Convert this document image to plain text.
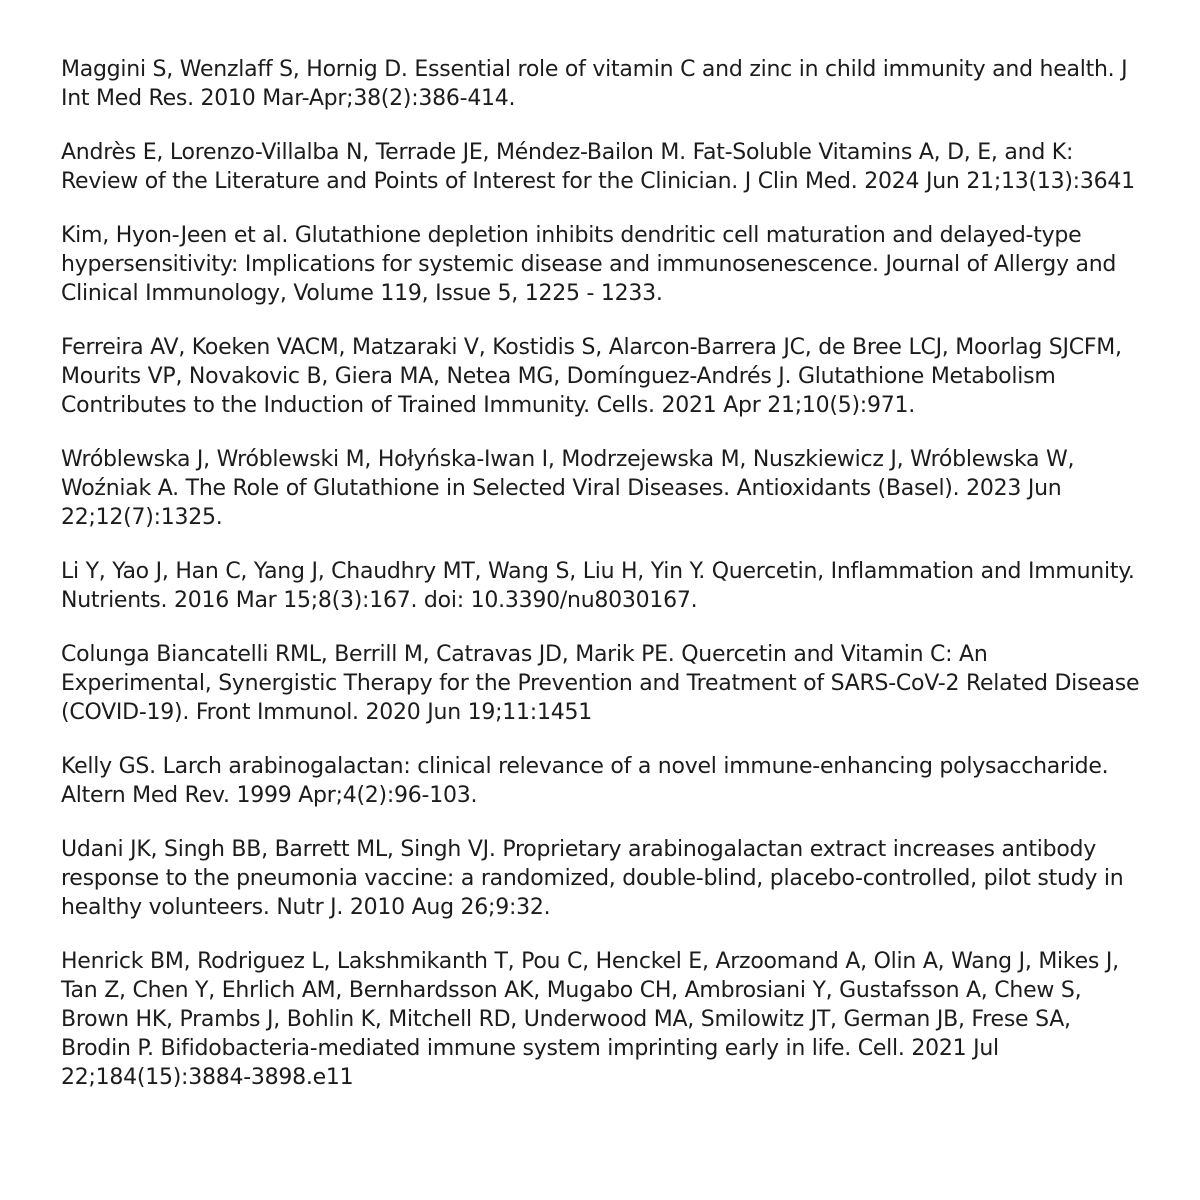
Maggini S, Wenzlaff S, Hornig D. Essential role of vitamin C and zinc in child immunity and health. J Int Med Res. 2010 Mar-Apr;38(2):386-414.

Andrès E, Lorenzo-Villalba N, Terrade JE, Méndez-Bailon M. Fat-Soluble Vitamins A, D, E, and K: Review of the Literature and Points of Interest for the Clinician. J Clin Med. 2024 Jun 21;13(13):3641

Kim, Hyon-Jeen et al. Glutathione depletion inhibits dendritic cell maturation and delayed-type hypersensitivity: Implications for systemic disease and immunosenescence. Journal of Allergy and Clinical Immunology, Volume 119, Issue 5, 1225 - 1233.

Ferreira AV, Koeken VACM, Matzaraki V, Kostidis S, Alarcon-Barrera JC, de Bree LCJ, Moorlag SJCFM, Mourits VP, Novakovic B, Giera MA, Netea MG, Domínguez-Andrés J. Glutathione Metabolism Contributes to the Induction of Trained Immunity. Cells. 2021 Apr 21;10(5):971.

Wróblewska J, Wróblewski M, Hołyńska-Iwan I, Modrzejewska M, Nuszkiewicz J, Wróblewska W, Woźniak A. The Role of Glutathione in Selected Viral Diseases. Antioxidants (Basel). 2023 Jun 22;12(7):1325.

Li Y, Yao J, Han C, Yang J, Chaudhry MT, Wang S, Liu H, Yin Y. Quercetin, Inflammation and Immunity. Nutrients. 2016 Mar 15;8(3):167. doi: 10.3390/nu8030167.

Colunga Biancatelli RML, Berrill M, Catravas JD, Marik PE. Quercetin and Vitamin C: An Experimental, Synergistic Therapy for the Prevention and Treatment of SARS-CoV-2 Related Disease (COVID-19). Front Immunol. 2020 Jun 19;11:1451

Kelly GS. Larch arabinogalactan: clinical relevance of a novel immune-enhancing polysaccharide. Altern Med Rev. 1999 Apr;4(2):96-103.

Udani JK, Singh BB, Barrett ML, Singh VJ. Proprietary arabinogalactan extract increases antibody response to the pneumonia vaccine: a randomized, double-blind, placebo-controlled, pilot study in healthy volunteers. Nutr J. 2010 Aug 26;9:32.

Henrick BM, Rodriguez L, Lakshmikanth T, Pou C, Henckel E, Arzoomand A, Olin A, Wang J, Mikes J, Tan Z, Chen Y, Ehrlich AM, Bernhardsson AK, Mugabo CH, Ambrosiani Y, Gustafsson A, Chew S, Brown HK, Prambs J, Bohlin K, Mitchell RD, Underwood MA, Smilowitz JT, German JB, Frese SA, Brodin P. Bifidobacteria-mediated immune system imprinting early in life. Cell. 2021 Jul 22;184(15):3884-3898.e11
